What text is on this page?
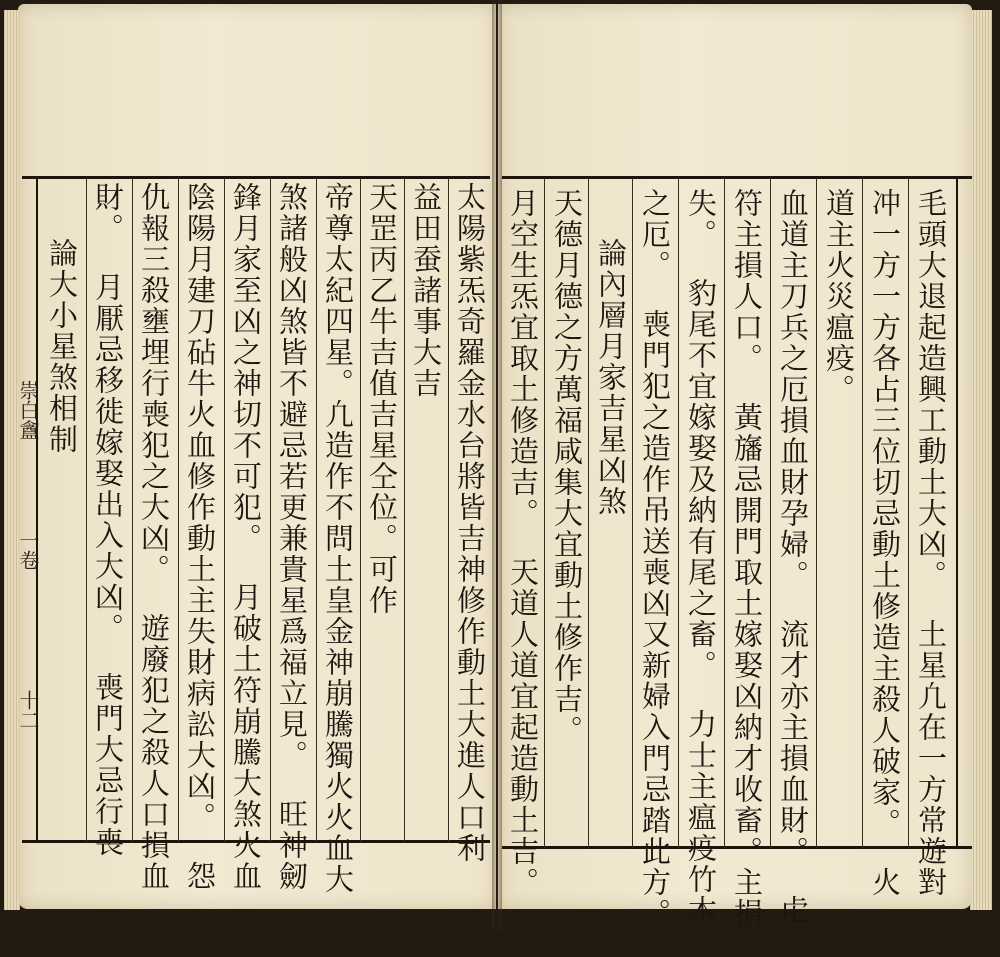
崇白盦
一卷
十二	太陽紫炁奇羅金水台將皆吉神修作動土大進人口利
益田蚕諸事大吉
天罡丙乙牛吉值吉星仝位。可作
帝尊太紀四星。凢造作不問土皇金神崩騰獨火火血大
煞諸般凶煞皆不避忌若更兼貴星爲福立見。旺神劒
鋒月家至凶之神切不可犯。月破土符崩騰大煞火血
陰陽月建刀砧牛火血修作動土主失財病訟大凶。怨
仇報三殺壅埋行喪犯之大凶。遊廢犯之殺人口損血
財。月厭忌移徙嫁娶出入大凶。喪門大忌行喪
論大小星煞相制	毛頭大退起造興工動土大凶。土星凢在一方常遊對
冲一方一方各占三位切忌動土修造主殺人破家。火
道主火災瘟疫。
血道主刀兵之厄損血財孕婦。流才亦主損血財。虍
符主損人口。黃旛忌開門取土嫁娶凶納才收畜。主損
失。豹尾不宜嫁娶及納有尾之畜。力士主瘟疫竹木
之厄。喪門犯之造作吊送喪凶又新婦入門忌踏此方。
論內層月家吉星凶煞
天德月德之方萬福咸集大宜動土修作吉。
月空生炁宜取土修造吉。天道人道宜起造動土吉。
